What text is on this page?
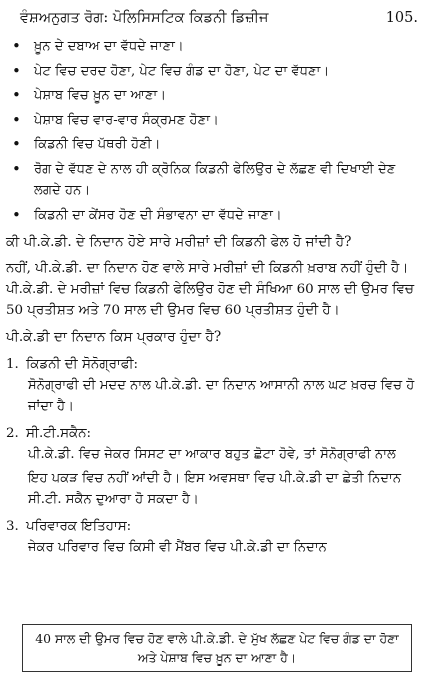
ਵੰਸ਼ਅਨੁਗਤ ਰੋਗ: ਪੋਲਿਸਿਸਟਿਕ ਕਿਡਨੀ ਡਿਜ਼ੀਜ	105.
• ਖ਼ੂਨ ਦੇ ਦਬਾਅ ਦਾ ਵੱਧਦੇ ਜਾਣਾ।
• ਪੇਟ ਵਿਚ ਦਰਦ ਹੋਣਾ, ਪੇਟ ਵਿਚ ਗੰਡ ਦਾ ਹੋਣਾ, ਪੇਟ ਦਾ ਵੱਧਣਾ।
• ਪੇਸ਼ਾਬ ਵਿਚ ਖ਼ੂਨ ਦਾ ਆਣਾ।
• ਪੇਸ਼ਾਬ ਵਿਚ ਵਾਰ-ਵਾਰ ਸੰਕ੍ਰਮਣ ਹੋਣਾ।
• ਕਿਡਨੀ ਵਿਚ ਪੱਥਰੀ ਹੋਣੀ।
• ਰੋਗ ਦੇ ਵੱਧਣ ਦੇ ਨਾਲ ਹੀ ਕ੍ਰੋਨਿਕ ਕਿਡਨੀ ਫੇਲਿਉਰ ਦੇ ਲੱਛਣ ਵੀ ਦਿਖਾਈ ਦੇਣ ਲਗਦੇ ਹਨ।
• ਕਿਡਨੀ ਦਾ ਕੇਂਸਰ ਹੋਣ ਦੀ ਸੰਭਾਵਨਾ ਦਾ ਵੱਧਦੇ ਜਾਣਾ।

ਕੀ ਪੀ.ਕੇ.ਡੀ. ਦੇ ਨਿਦਾਨ ਹੋਏ ਸਾਰੇ ਮਰੀਜ਼ਾਂ ਦੀ ਕਿਡਨੀ ਫੇਲ ਹੋ ਜਾਂਦੀ ਹੈ?

ਨਹੀਂ, ਪੀ.ਕੇ.ਡੀ. ਦਾ ਨਿਦਾਨ ਹੋਣ ਵਾਲੇ ਸਾਰੇ ਮਰੀਜ਼ਾਂ ਦੀ ਕਿਡਨੀ ਖ਼ਰਾਬ ਨਹੀਂ ਹੁੰਦੀ ਹੈ। ਪੀ.ਕੇ.ਡੀ. ਦੇ ਮਰੀਜ਼ਾਂ ਵਿਚ ਕਿਡਨੀ ਫੇਲਿਉਰ ਹੋਣ ਦੀ ਸੰਖਿਆ 60 ਸਾਲ ਦੀ ਉਮਰ ਵਿਚ 50 ਪ੍ਰਤੀਸ਼ਤ ਅਤੇ 70 ਸਾਲ ਦੀ ਉਮਰ ਵਿਚ 60 ਪ੍ਰਤੀਸ਼ਤ ਹੁੰਦੀ ਹੈ।

ਪੀ.ਕੇ.ਡੀ ਦਾ ਨਿਦਾਨ ਕਿਸ ਪ੍ਰਕਾਰ ਹੁੰਦਾ ਹੈ?

1. ਕਿਡਨੀ ਦੀ ਸੋਨੋਗ੍ਰਾਫੀ:

ਸੋਨੋਗ੍ਰਾਫੀ ਦੀ ਮਦਦ ਨਾਲ ਪੀ.ਕੇ.ਡੀ. ਦਾ ਨਿਦਾਨ ਆਸਾਨੀ ਨਾਲ ਘਟ ਖ਼ਰਚ ਵਿਚ ਹੋ ਜਾਂਦਾ ਹੈ।

2. ਸੀ.ਟੀ.ਸਕੈਨ:

ਪੀ.ਕੇ.ਡੀ. ਵਿਚ ਜੇਕਰ ਸਿਸਟ ਦਾ ਆਕਾਰ ਬਹੁਤ ਛੋਟਾ ਹੋਵੇ, ਤਾਂ ਸੋਨੋਗ੍ਰਾਫੀ ਨਾਲ

ਇਹ ਪਕੜ ਵਿਚ ਨਹੀਂ ਆਂਦੀ ਹੈ। ਇਸ ਅਵਸਥਾ ਵਿਚ ਪੀ.ਕੇ.ਡੀ ਦਾ ਛੇਤੀ ਨਿਦਾਨ ਸੀ.ਟੀ. ਸਕੈਨ ਦੁਆਰਾ ਹੋ ਸਕਦਾ ਹੈ।

3. ਪਰਿਵਾਰਕ ਇਤਿਹਾਸ:

ਜੇਕਰ ਪਰਿਵਾਰ ਵਿਚ ਕਿਸੀ ਵੀ ਮੈਂਬਰ ਵਿਚ ਪੀ.ਕੇ.ਡੀ ਦਾ ਨਿਦਾਨ

40 ਸਾਲ ਦੀ ਉਮਰ ਵਿਚ ਹੋਣ ਵਾਲੇ ਪੀ.ਕੇ.ਡੀ. ਦੇ ਮੁੱਖ ਲੱਛਣ ਪੇਟ ਵਿਚ ਗੰਡ ਦਾ ਹੋਣਾ ਅਤੇ ਪੇਸ਼ਾਬ ਵਿਚ ਖ਼ੂਨ ਦਾ ਆਣਾ ਹੈ।
